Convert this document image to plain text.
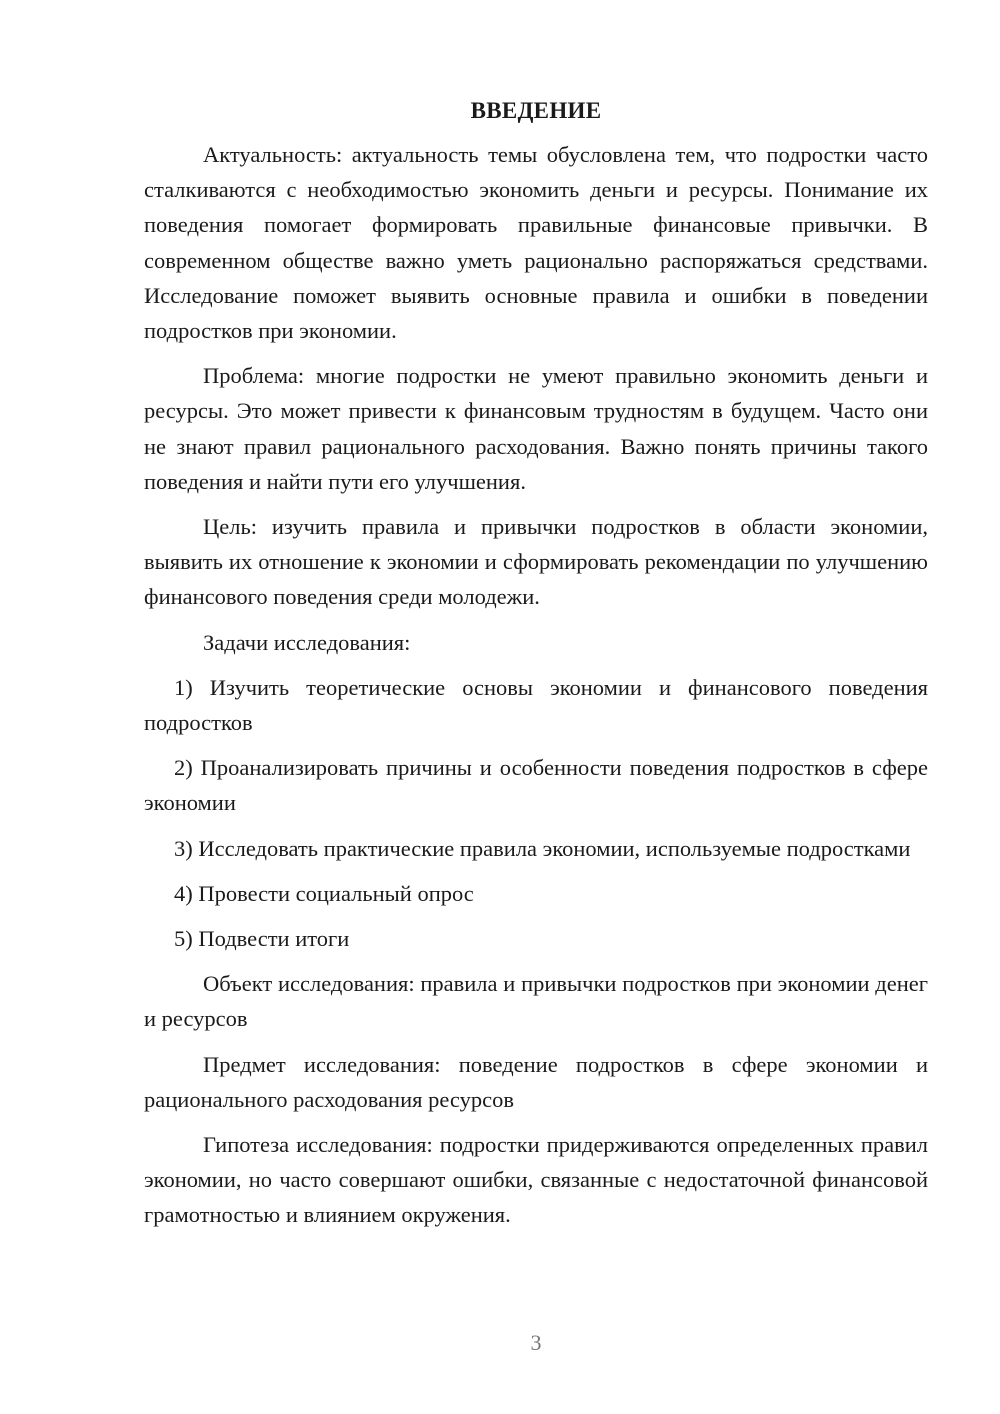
ВВЕДЕНИЕ

Актуальность: актуальность темы обусловлена тем, что подростки часто сталкиваются с необходимостью экономить деньги и ресурсы. Понимание их поведения помогает формировать правильные финансовые привычки. В современном обществе важно уметь рационально распоряжаться средствами. Исследование поможет выявить основные правила и ошибки в поведении подростков при экономии.

Проблема: многие подростки не умеют правильно экономить деньги и ресурсы. Это может привести к финансовым трудностям в будущем. Часто они не знают правил рационального расходования. Важно понять причины такого поведения и найти пути его улучшения.

Цель: изучить правила и привычки подростков в области экономии, выявить их отношение к экономии и сформировать рекомендации по улучшению финансового поведения среди молодежи.

Задачи исследования:

1) Изучить теоретические основы экономии и финансового поведения подростков

2) Проанализировать причины и особенности поведения подростков в сфере экономии

3) Исследовать практические правила экономии, используемые подростками

4) Провести социальный опрос

5) Подвести итоги

Объект исследования: правила и привычки подростков при экономии денег и ресурсов

Предмет исследования: поведение подростков в сфере экономии и рационального расходования ресурсов

Гипотеза исследования: подростки придерживаются определенных правил экономии, но часто совершают ошибки, связанные с недостаточной финансовой грамотностью и влиянием окружения.

3
